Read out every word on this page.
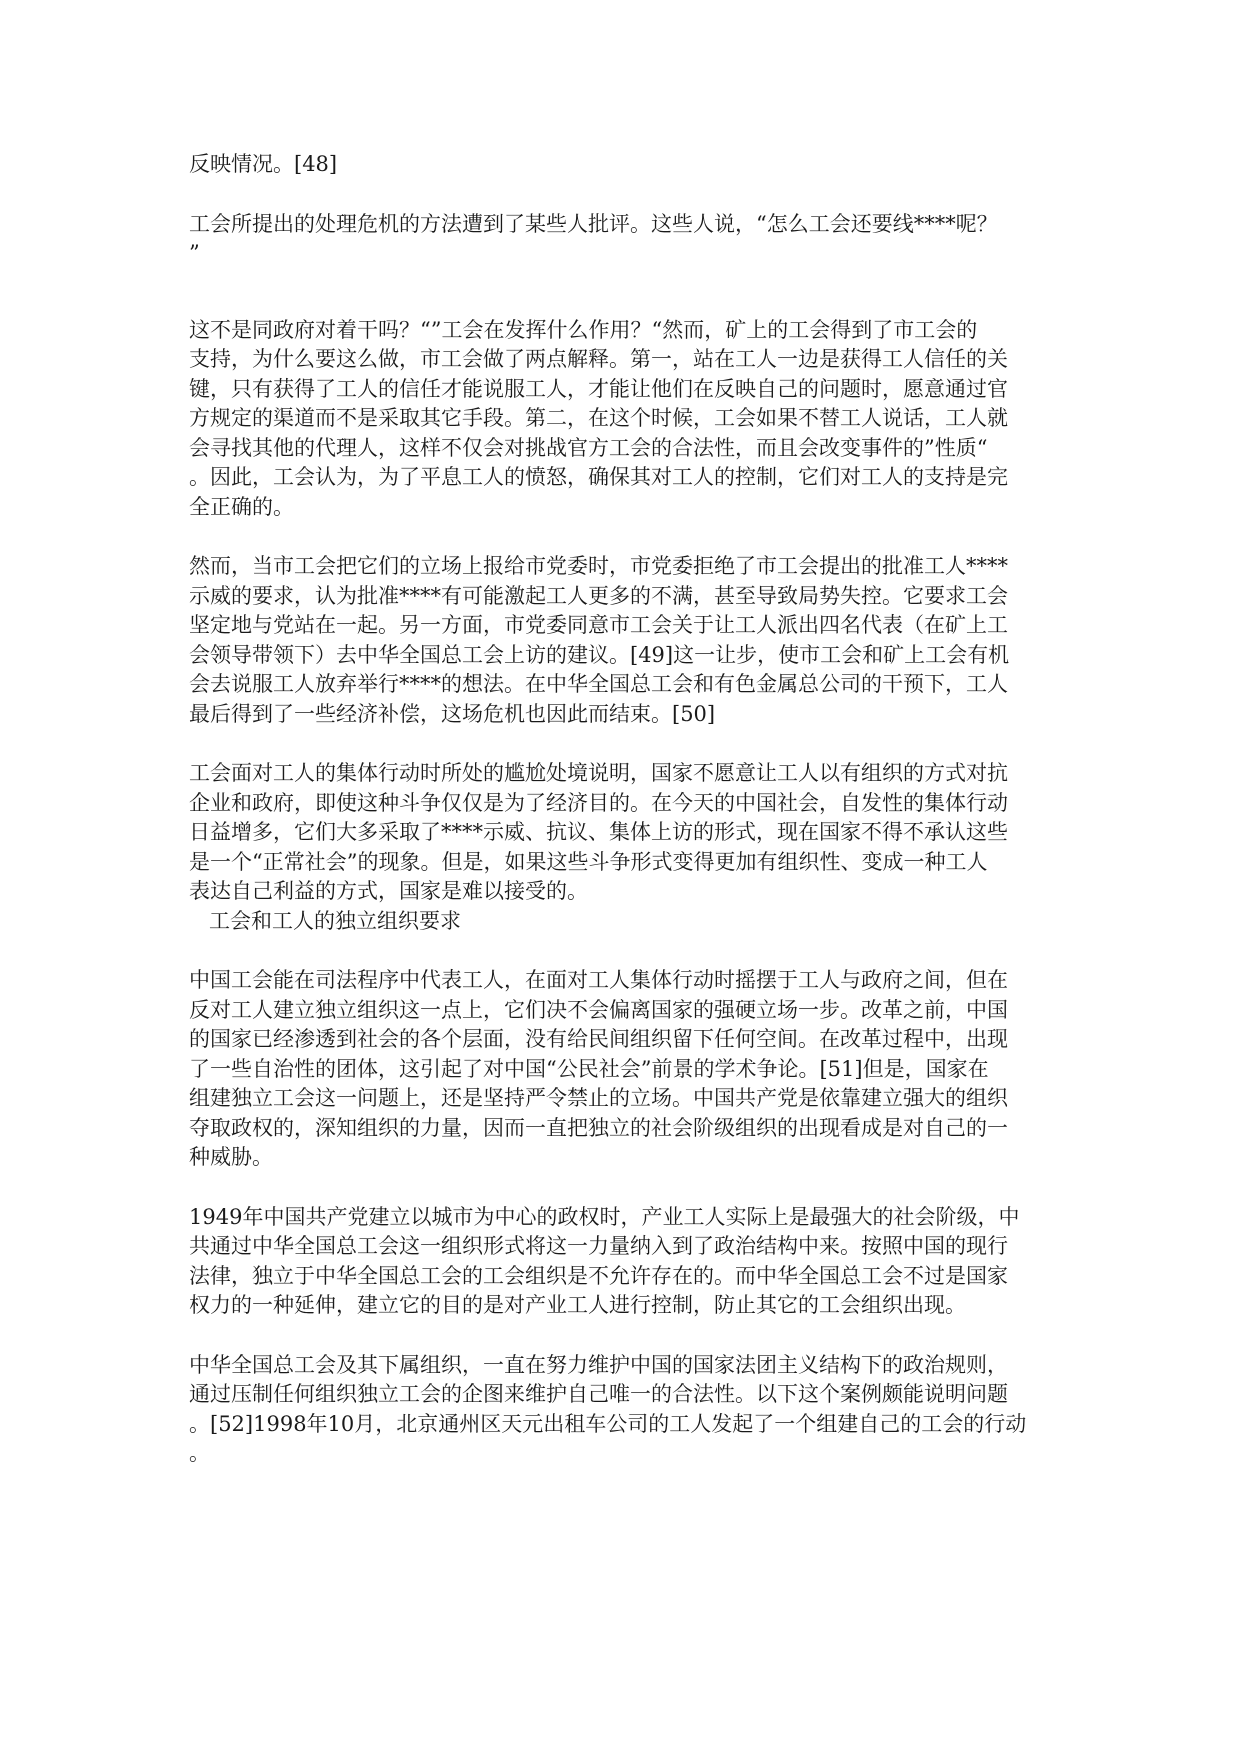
反映情况。[48]

工会所提出的处理危机的方法遭到了某些人批评。这些人说，“怎么工会还要线****呢？
”

这不是同政府对着干吗？“”工会在发挥什么作用？“然而，矿上的工会得到了市工会的
支持，为什么要这么做，市工会做了两点解释。第一，站在工人一边是获得工人信任的关
键，只有获得了工人的信任才能说服工人，才能让他们在反映自己的问题时，愿意通过官
方规定的渠道而不是采取其它手段。第二，在这个时候，工会如果不替工人说话，工人就
会寻找其他的代理人，这样不仅会对挑战官方工会的合法性，而且会改变事件的”性质“
。因此，工会认为，为了平息工人的愤怒，确保其对工人的控制，它们对工人的支持是完
全正确的。

然而，当市工会把它们的立场上报给市党委时，市党委拒绝了市工会提出的批准工人****
示威的要求，认为批准****有可能激起工人更多的不满，甚至导致局势失控。它要求工会
坚定地与党站在一起。另一方面，市党委同意市工会关于让工人派出四名代表（在矿上工
会领导带领下）去中华全国总工会上访的建议。[49]这一让步，使市工会和矿上工会有机
会去说服工人放弃举行****的想法。在中华全国总工会和有色金属总公司的干预下，工人
最后得到了一些经济补偿，这场危机也因此而结束。[50]

工会面对工人的集体行动时所处的尴尬处境说明，国家不愿意让工人以有组织的方式对抗
企业和政府，即使这种斗争仅仅是为了经济目的。在今天的中国社会，自发性的集体行动
日益增多，它们大多采取了****示威、抗议、集体上访的形式，现在国家不得不承认这些
是一个“正常社会”的现象。但是，如果这些斗争形式变得更加有组织性、变成一种工人
表达自己利益的方式，国家是难以接受的。

工会和工人的独立组织要求

中国工会能在司法程序中代表工人，在面对工人集体行动时摇摆于工人与政府之间，但在
反对工人建立独立组织这一点上，它们决不会偏离国家的强硬立场一步。改革之前，中国
的国家已经渗透到社会的各个层面，没有给民间组织留下任何空间。在改革过程中，出现
了一些自治性的团体，这引起了对中国“公民社会”前景的学术争论。[51]但是，国家在
组建独立工会这一问题上，还是坚持严令禁止的立场。中国共产党是依靠建立强大的组织
夺取政权的，深知组织的力量，因而一直把独立的社会阶级组织的出现看成是对自己的一
种威胁。

1949年中国共产党建立以城市为中心的政权时，产业工人实际上是最强大的社会阶级，中
共通过中华全国总工会这一组织形式将这一力量纳入到了政治结构中来。按照中国的现行
法律，独立于中华全国总工会的工会组织是不允许存在的。而中华全国总工会不过是国家
权力的一种延伸，建立它的目的是对产业工人进行控制，防止其它的工会组织出现。

中华全国总工会及其下属组织，一直在努力维护中国的国家法团主义结构下的政治规则，
通过压制任何组织独立工会的企图来维护自己唯一的合法性。以下这个案例颇能说明问题
。[52]1998年10月，北京通州区天元出租车公司的工人发起了一个组建自己的工会的行动
。
